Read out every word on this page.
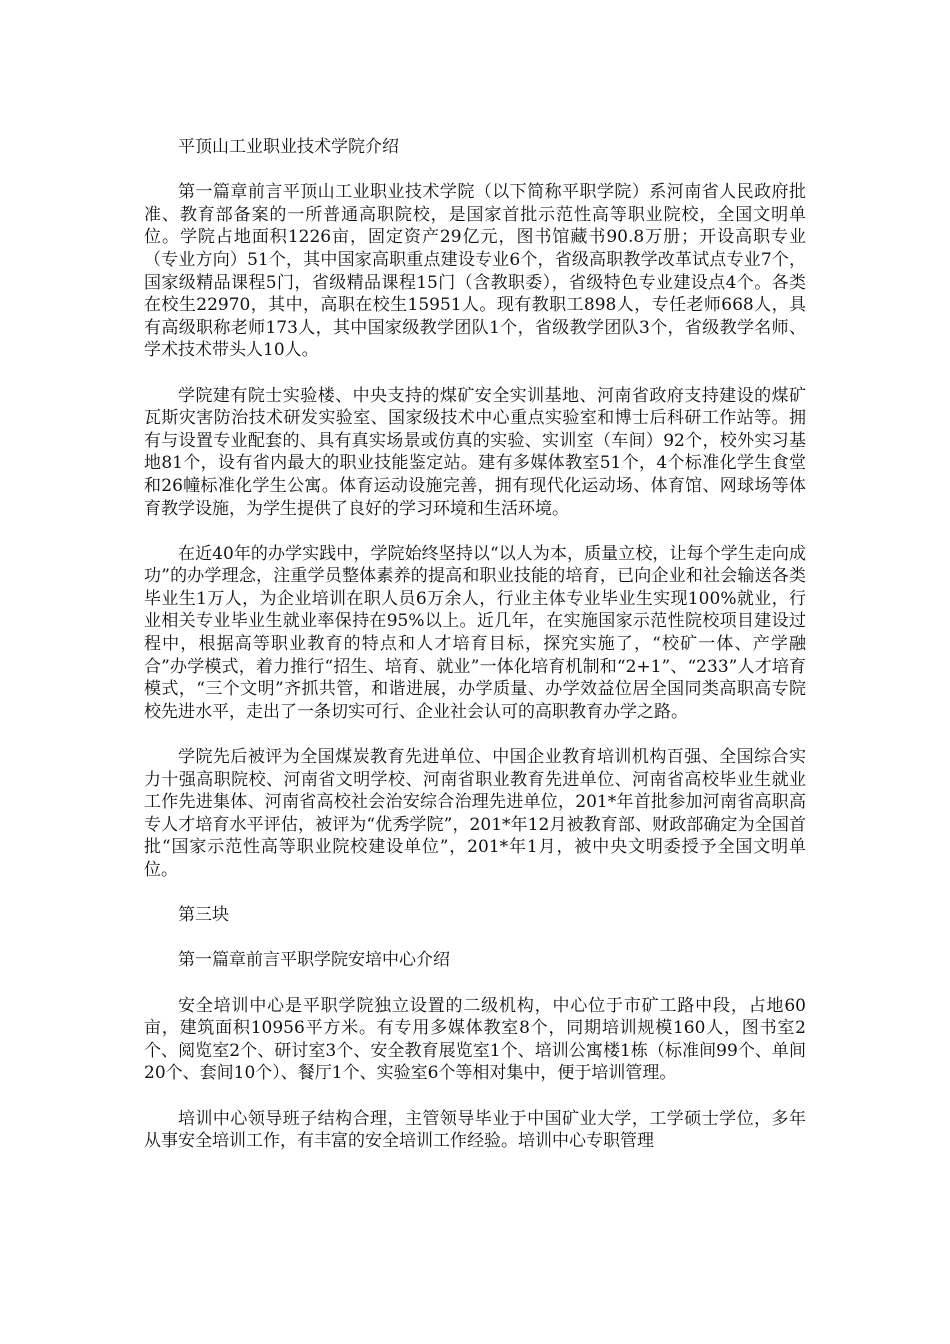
平顶山工业职业技术学院介绍

第一篇章前言平顶山工业职业技术学院（以下简称平职学院）系河南省人民政府批准、教育部备案的一所普通高职院校，是国家首批示范性高等职业院校，全国文明单位。学院占地面积1226亩，固定资产29亿元，图书馆藏书90.8万册；开设高职专业（专业方向）51个，其中国家高职重点建设专业6个，省级高职教学改革试点专业7个，国家级精品课程5门，省级精品课程15门（含教职委），省级特色专业建设点4个。各类在校生22970，其中，高职在校生15951人。现有教职工898人，专任老师668人，具有高级职称老师173人，其中国家级教学团队1个，省级教学团队3个，省级教学名师、学术技术带头人10人。

学院建有院士实验楼、中央支持的煤矿安全实训基地、河南省政府支持建设的煤矿瓦斯灾害防治技术研发实验室、国家级技术中心重点实验室和博士后科研工作站等。拥有与设置专业配套的、具有真实场景或仿真的实验、实训室（车间）92个，校外实习基地81个，设有省内最大的职业技能鉴定站。建有多媒体教室51个，4个标准化学生食堂和26幢标准化学生公寓。体育运动设施完善，拥有现代化运动场、体育馆、网球场等体育教学设施，为学生提供了良好的学习环境和生活环境。

在近40年的办学实践中，学院始终坚持以“以人为本，质量立校，让每个学生走向成功”的办学理念，注重学员整体素养的提高和职业技能的培育，已向企业和社会输送各类毕业生1万人，为企业培训在职人员6万余人，行业主体专业毕业生实现100%就业，行业相关专业毕业生就业率保持在95%以上。近几年，在实施国家示范性院校项目建设过程中，根据高等职业教育的特点和人才培育目标，探究实施了，“校矿一体、产学融合”办学模式，着力推行“招生、培育、就业”一体化培育机制和“2+1”、“233”人才培育模式，“三个文明”齐抓共管，和谐进展，办学质量、办学效益位居全国同类高职高专院校先进水平，走出了一条切实可行、企业社会认可的高职教育办学之路。

学院先后被评为全国煤炭教育先进单位、中国企业教育培训机构百强、全国综合实力十强高职院校、河南省文明学校、河南省职业教育先进单位、河南省高校毕业生就业工作先进集体、河南省高校社会治安综合治理先进单位，201*年首批参加河南省高职高专人才培育水平评估，被评为“优秀学院”，201*年12月被教育部、财政部确定为全国首批“国家示范性高等职业院校建设单位”，201*年1月，被中央文明委授予全国文明单位。

第三块

第一篇章前言平职学院安培中心介绍

安全培训中心是平职学院独立设置的二级机构，中心位于市矿工路中段，占地60亩，建筑面积10956平方米。有专用多媒体教室8个，同期培训规模160人，图书室2个、阅览室2个、研讨室3个、安全教育展览室1个、培训公寓楼1栋（标准间99个、单间20个、套间10个）、餐厅1个、实验室6个等相对集中，便于培训管理。

培训中心领导班子结构合理，主管领导毕业于中国矿业大学，工学硕士学位，多年从事安全培训工作，有丰富的安全培训工作经验。培训中心专职管理
